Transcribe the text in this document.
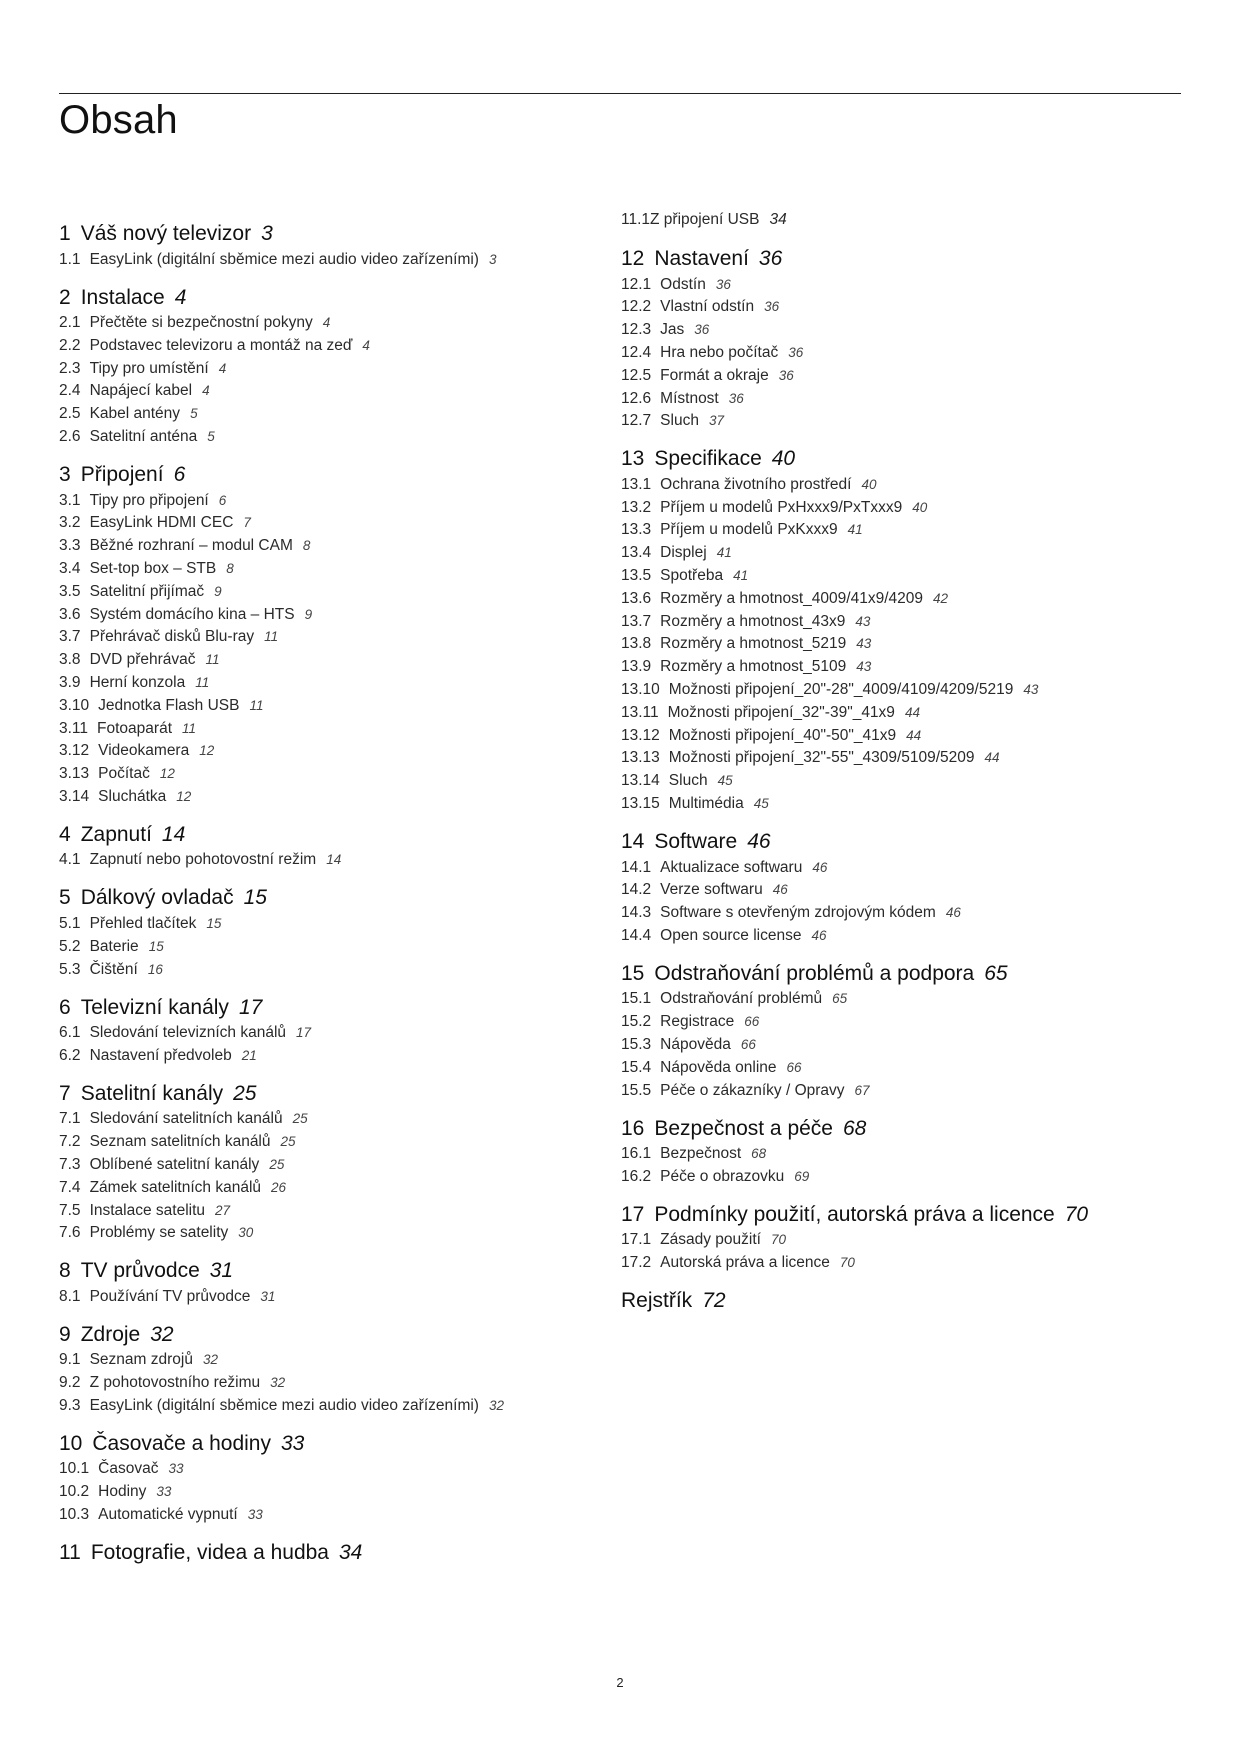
Obsah
1 Váš nový televizor 3
1.1 EasyLink (digitální sběmice mezi audio video zařízeními) 3
2 Instalace 4
2.1 Přečtěte si bezpečnostní pokyny 4
2.2 Podstavec televizoru a montáž na zeď 4
2.3 Tipy pro umístění 4
2.4 Napájecí kabel 4
2.5 Kabel antény 5
2.6 Satelitní anténa 5
3 Připojení 6
3.1 Tipy pro připojení 6
3.2 EasyLink HDMI CEC 7
3.3 Běžné rozhraní – modul CAM 8
3.4 Set-top box – STB 8
3.5 Satelitní přijímač 9
3.6 Systém domácího kina – HTS 9
3.7 Přehrávač disků Blu-ray 11
3.8 DVD přehrávač 11
3.9 Herní konzola 11
3.10 Jednotka Flash USB 11
3.11 Fotoaparát 11
3.12 Videokamera 12
3.13 Počítač 12
3.14 Sluchátka 12
4 Zapnutí 14
4.1 Zapnutí nebo pohotovostní režim 14
5 Dálkový ovladač 15
5.1 Přehled tlačítek 15
5.2 Baterie 15
5.3 Čištění 16
6 Televizní kanály 17
6.1 Sledování televizních kanálů 17
6.2 Nastavení předvoleb 21
7 Satelitní kanály 25
7.1 Sledování satelitních kanálů 25
7.2 Seznam satelitních kanálů 25
7.3 Oblíbené satelitní kanály 25
7.4 Zámek satelitních kanálů 26
7.5 Instalace satelitu 27
7.6 Problémy se satelity 30
8 TV průvodce 31
8.1 Používání TV průvodce 31
9 Zdroje 32
9.1 Seznam zdrojů 32
9.2 Z pohotovostního režimu 32
9.3 EasyLink (digitální sběmice mezi audio video zařízeními) 32
10 Časovače a hodiny 33
10.1 Časovač 33
10.2 Hodiny 33
10.3 Automatické vypnutí 33
11 Fotografie, videa a hudba 34
12 Nastavení 36
12.1 Odstín 36
12.2 Vlastní odstín 36
12.3 Jas 36
12.4 Hra nebo počítač 36
12.5 Formát a okraje 36
12.6 Místnost 36
12.7 Sluch 37
13 Specifikace 40
13.1 Ochrana životního prostředí 40
13.2 Příjem u modelů PxHxxx9/PxTxxx9 40
13.3 Příjem u modelů PxKxxx9 41
13.4 Displej 41
13.5 Spotřeba 41
13.6 Rozměry a hmotnost_4009/41x9/4209 42
13.7 Rozměry a hmotnost_43x9 43
13.8 Rozměry a hmotnost_5219 43
13.9 Rozměry a hmotnost_5109 43
13.10 Možnosti připojení_20"-28"_4009/4109/4209/5219 43
13.11 Možnosti připojení_32"-39"_41x9 44
13.12 Možnosti připojení_40"-50"_41x9 44
13.13 Možnosti připojení_32"-55"_4309/5109/5209 44
13.14 Sluch 45
13.15 Multimédia 45
14 Software 46
14.1 Aktualizace softwaru 46
14.2 Verze softwaru 46
14.3 Software s otevřeným zdrojovým kódem 46
14.4 Open source license 46
15 Odstraňování problémů a podpora 65
15.1 Odstraňování problémů 65
15.2 Registrace 66
15.3 Nápověda 66
15.4 Nápověda online 66
15.5 Péče o zákazníky / Opravy 67
16 Bezpečnost a péče 68
16.1 Bezpečnost 68
16.2 Péče o obrazovku 69
17 Podmínky použití, autorská práva a licence 70
17.1 Zásady použití 70
17.2 Autorská práva a licence 70
Rejstřík 72
11.1Z připojení USB 34
2
